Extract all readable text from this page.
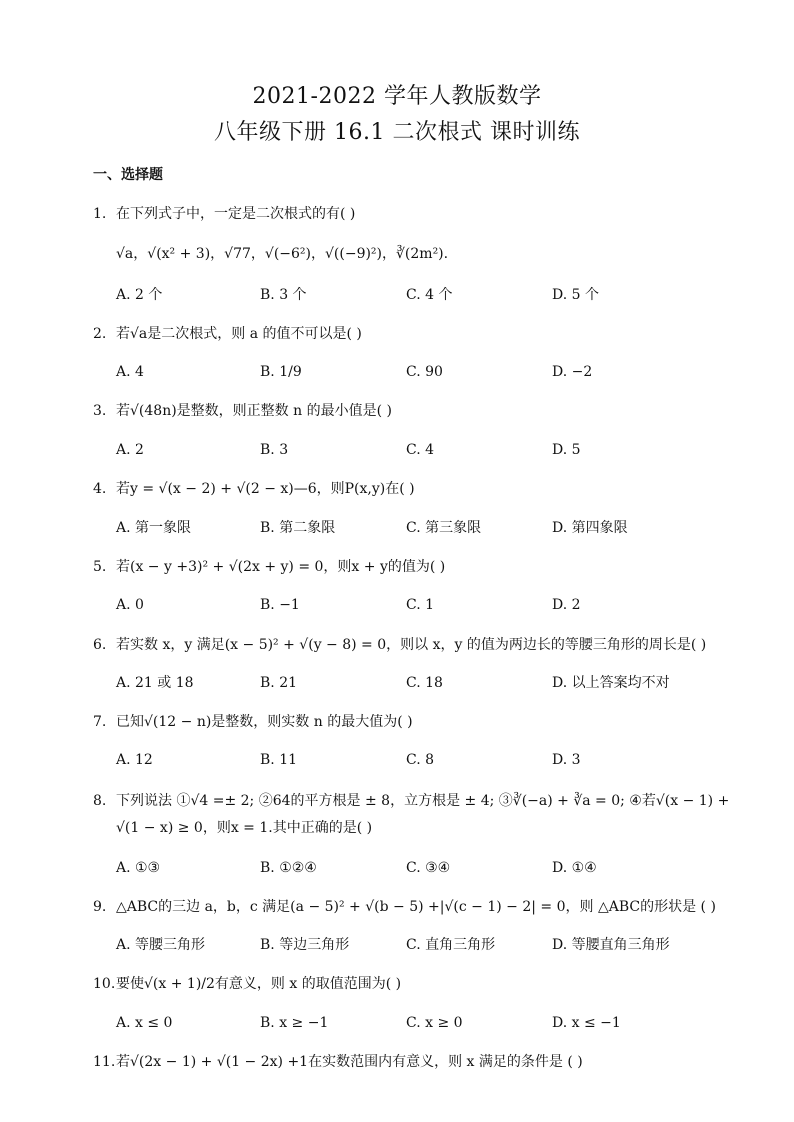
2021-2022 学年人教版数学
八年级下册 16.1 二次根式 课时训练
一、选择题
1. 在下列式子中，一定是二次根式的有( )
√a，√(x² + 3)，√77，√(−6²)，√((−9)²)，∛(2m²).
A. 2 个	B. 3 个	C. 4 个	D. 5 个
2. 若√a是二次根式，则 a 的值不可以是( )
A. 4	B. 1/9	C. 90	D. −2
3. 若√(48n)是整数，则正整数 n 的最小值是( )
A. 2	B. 3	C. 4	D. 5
4. 若y = √(x − 2) + √(2 − x)—6，则P(x,y)在( )
A. 第一象限	B. 第二象限	C. 第三象限	D. 第四象限
5. 若(x − y +3)² + √(2x + y) = 0，则x + y的值为( )
A. 0	B. −1	C. 1	D. 2
6. 若实数 x，y 满足(x − 5)² + √(y − 8) = 0，则以 x，y 的值为两边长的等腰三角形的周长是( )
A. 21 或 18	B. 21	C. 18	D. 以上答案均不对
7. 已知√(12 − n)是整数，则实数 n 的最大值为( )
A. 12	B. 11	C. 8	D. 3
8. 下列说法 ①√4 =± 2; ②64的平方根是 ± 8，立方根是 ± 4; ③∛(−a) + ∛a = 0; ④若√(x − 1) +
√(1 − x) ≥ 0，则x = 1.其中正确的是( )
A. ①③	B. ①②④	C. ③④	D. ①④
9. △ABC的三边 a，b，c 满足(a − 5)² + √(b − 5) +|√(c − 1) − 2| = 0，则 △ABC的形状是 ( )
A. 等腰三角形	B. 等边三角形	C. 直角三角形	D. 等腰直角三角形
10. 要使√(x + 1)/2有意义，则 x 的取值范围为( )
A. x ≤ 0	B. x ≥ −1	C. x ≥ 0	D. x ≤ −1
11. 若√(2x − 1) + √(1 − 2x) +1在实数范围内有意义，则 x 满足的条件是 ( )
